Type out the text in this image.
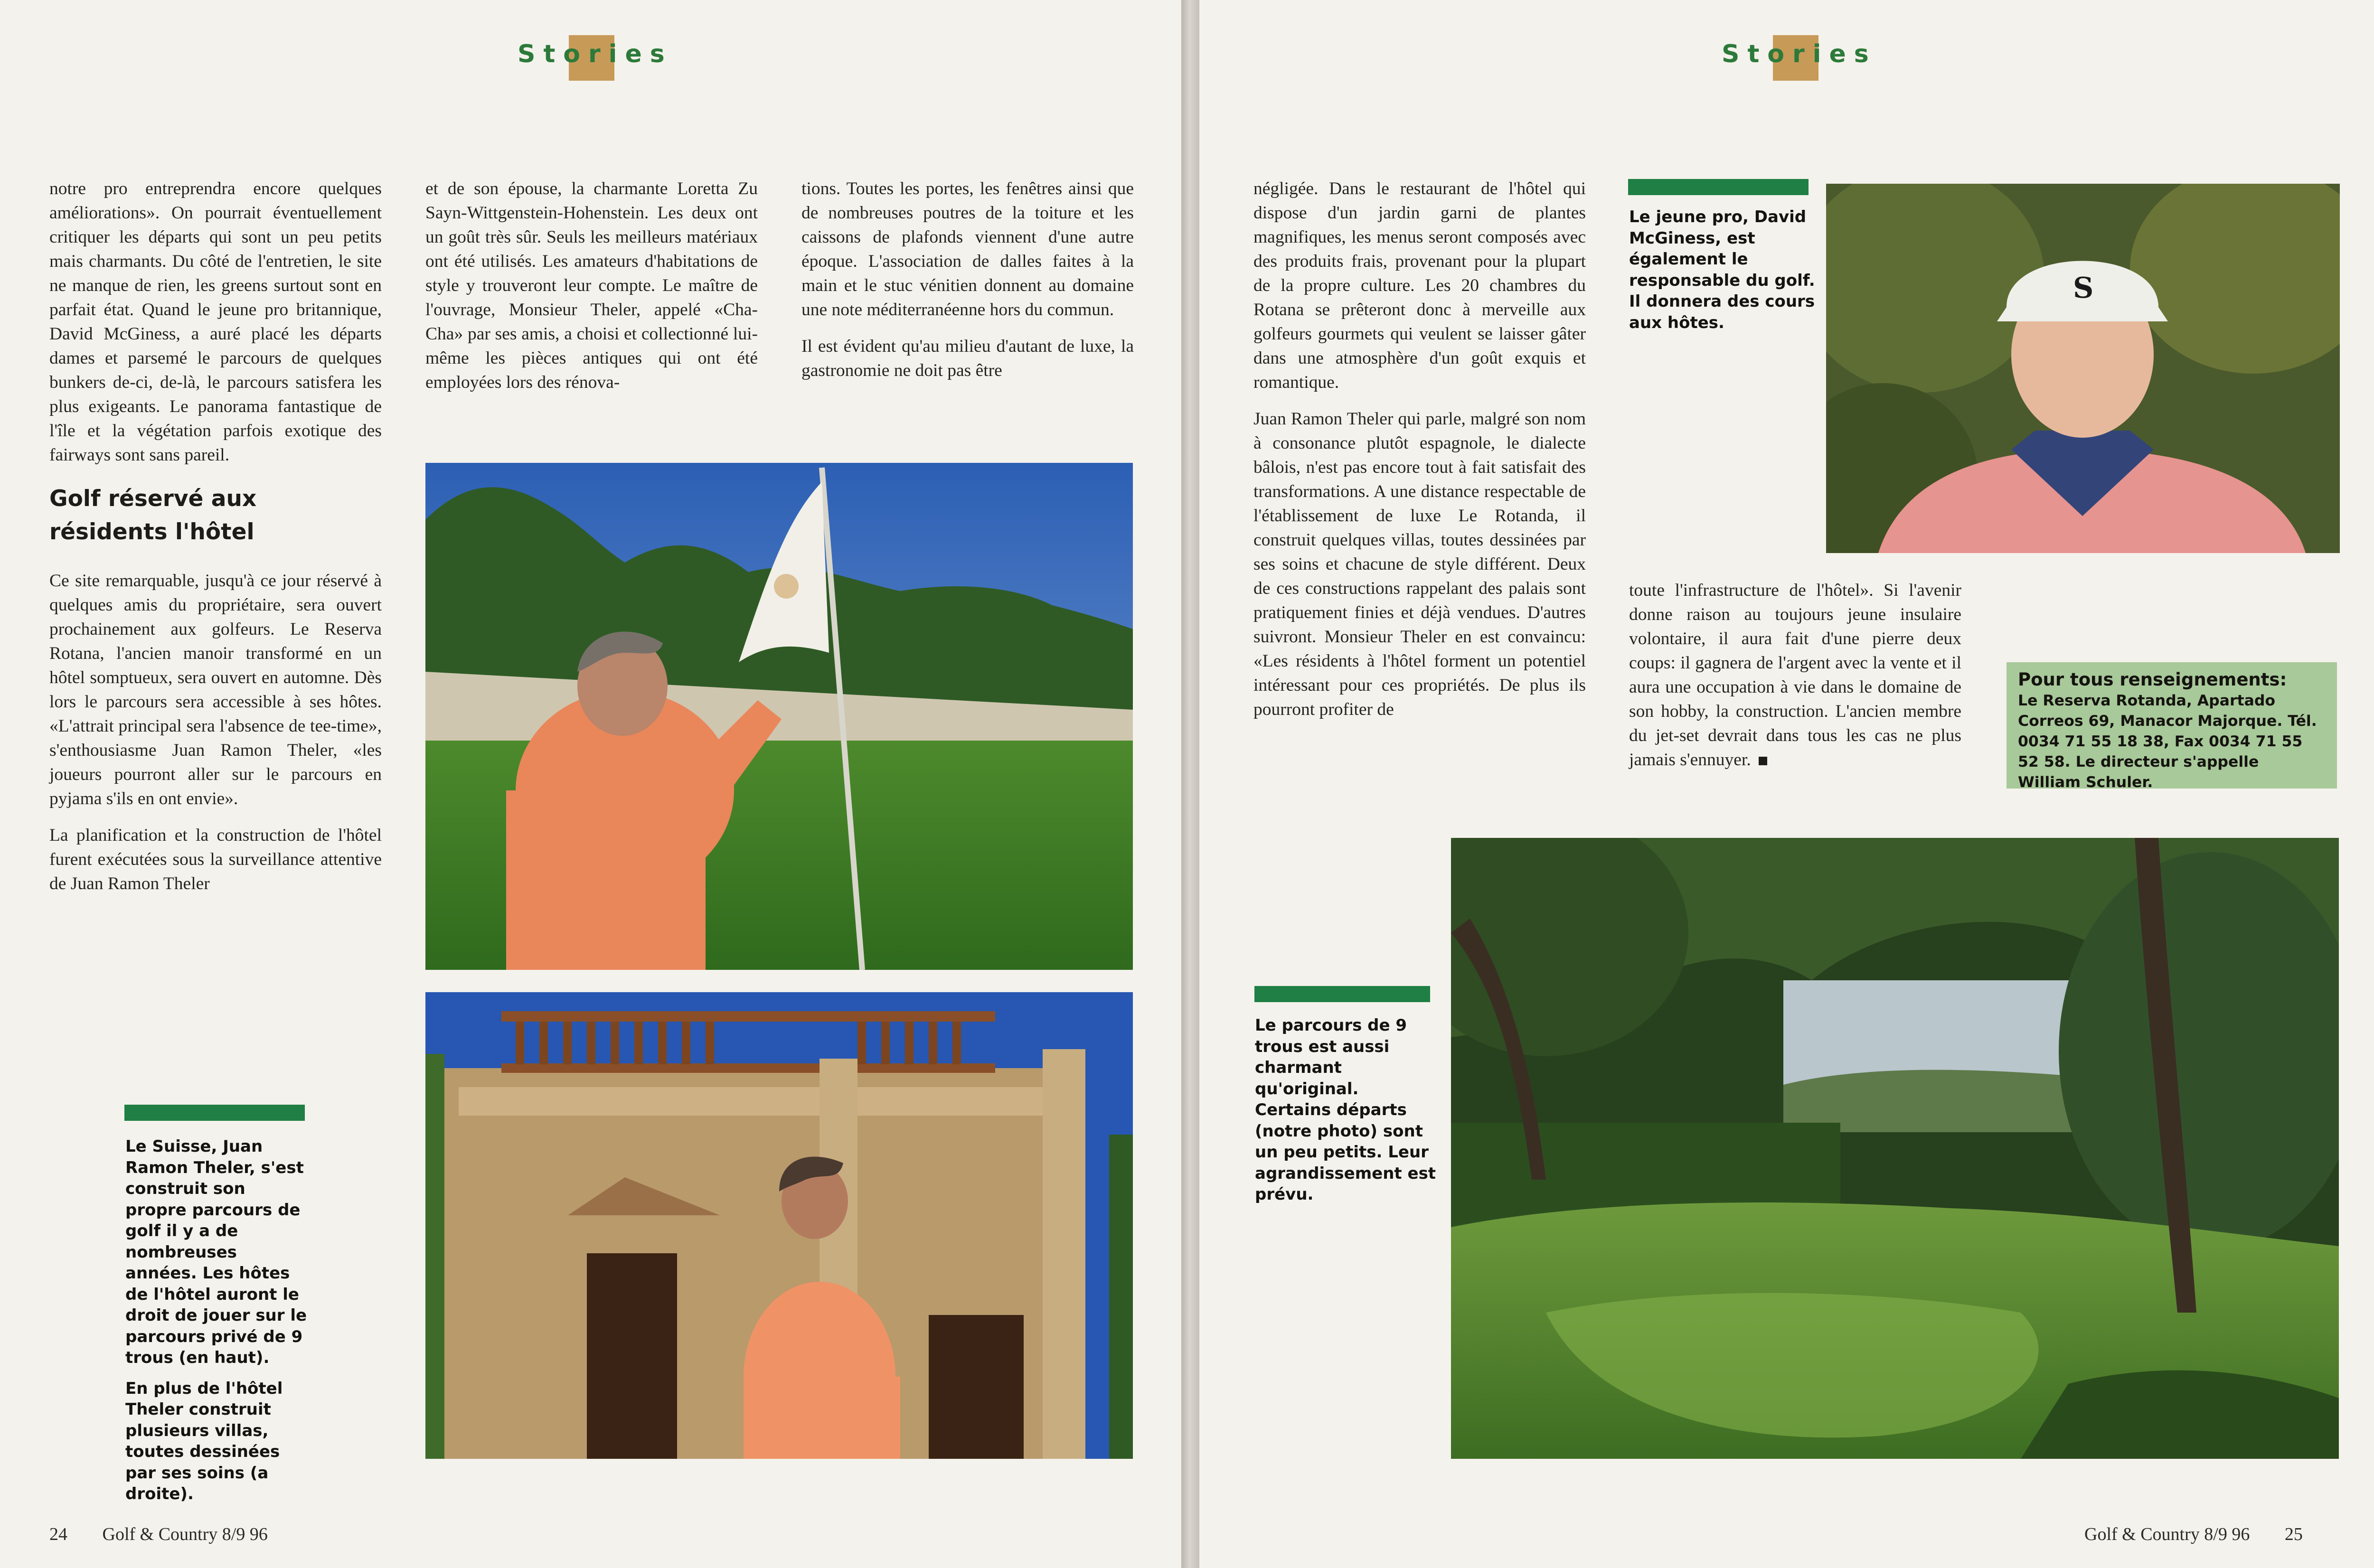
Stories

notre pro entreprendra encore quelques améliorations». On pourrait éventuellement critiquer les départs qui sont un peu petits mais charmants. Du côté de l'entretien, le site ne manque de rien, les greens surtout sont en parfait état. Quand le jeune pro britannique, David McGiness, a auré placé les départs dames et parsemé le parcours de quelques bunkers de-ci, de-là, le parcours satisfera les plus exigeants. Le panorama fantastique de l'île et la végétation parfois exotique des fairways sont sans pareil.

Golf réservé aux résidents l'hôtel

Ce site remarquable, jusqu'à ce jour réservé à quelques amis du propriétaire, sera ouvert prochainement aux golfeurs. Le Reserva Rotana, l'ancien manoir transformé en un hôtel somptueux, sera ouvert en automne. Dès lors le parcours sera accessible à ses hôtes. «L'attrait principal sera l'absence de tee-time», s'enthousiasme Juan Ramon Theler, «les joueurs pourront aller sur le parcours en pyjama s'ils en ont envie».

La planification et la construction de l'hôtel furent exécutées sous la surveillance attentive de Juan Ramon Theler

et de son épouse, la charmante Loretta Zu Sayn-Wittgenstein-Hohenstein. Les deux ont un goût très sûr. Seuls les meilleurs matériaux ont été utilisés. Les amateurs d'habitations de style y trouveront leur compte. Le maître de l'ouvrage, Monsieur Theler, appelé «Cha-Cha» par ses amis, a choisi et collectionné lui-même les pièces antiques qui ont été employées lors des rénova-

tions. Toutes les portes, les fenêtres ainsi que de nombreuses poutres de la toiture et les caissons de plafonds viennent d'une autre époque. L'association de dalles faites à la main et le stuc vénitien donnent au domaine une note méditerranéenne hors du commun.

Il est évident qu'au milieu d'autant de luxe, la gastronomie ne doit pas être

Le Suisse, Juan Ramon Theler, s'est construit son propre parcours de golf il y a de nombreuses années. Les hôtes de l'hôtel auront le droit de jouer sur le parcours privé de 9 trous (en haut).

En plus de l'hôtel Theler construit plusieurs villas, toutes dessinées par ses soins (a droite).

24 Golf & Country 8/9 96
Stories

négligée. Dans le restaurant de l'hôtel qui dispose d'un jardin garni de plantes magnifiques, les menus seront composés avec des produits frais, provenant pour la plupart de la propre culture. Les 20 chambres du Rotana se prêteront donc à merveille aux golfeurs gourmets qui veulent se laisser gâter dans une atmosphère d'un goût exquis et romantique.

Juan Ramon Theler qui parle, malgré son nom à consonance plutôt espagnole, le dialecte bâlois, n'est pas encore tout à fait satisfait des transformations. A une distance respectable de l'établissement de luxe Le Rotanda, il construit quelques villas, toutes dessinées par ses soins et chacune de style différent. Deux de ces constructions rappelant des palais sont pratiquement finies et déjà vendues. D'autres suivront. Monsieur Theler en est convaincu: «Les résidents à l'hôtel forment un potentiel intéressant pour ces propriétés. De plus ils pourront profiter de

Le jeune pro, David McGiness, est également le responsable du golf. Il donnera des cours aux hôtes.
S

toute l'infrastructure de l'hôtel». Si l'avenir donne raison au toujours jeune insulaire volontaire, il aura fait d'une pierre deux coups: il gagnera de l'argent avec la vente et il aura une occupation à vie dans le domaine de son hobby, la construction. L'ancien membre du jet-set devrait dans tous les cas ne plus jamais s'ennuyer.

Pour tous renseignements:
Le Reserva Rotanda, Apartado Correos 69, Manacor Majorque. Tél. 0034 71 55 18 38, Fax 0034 71 55 52 58. Le directeur s'appelle William Schuler.
Le parcours de 9 trous est aussi charmant qu'original. Certains départs (notre photo) sont un peu petits. Leur agrandissement est prévu.
Golf & Country 8/9 96 25
